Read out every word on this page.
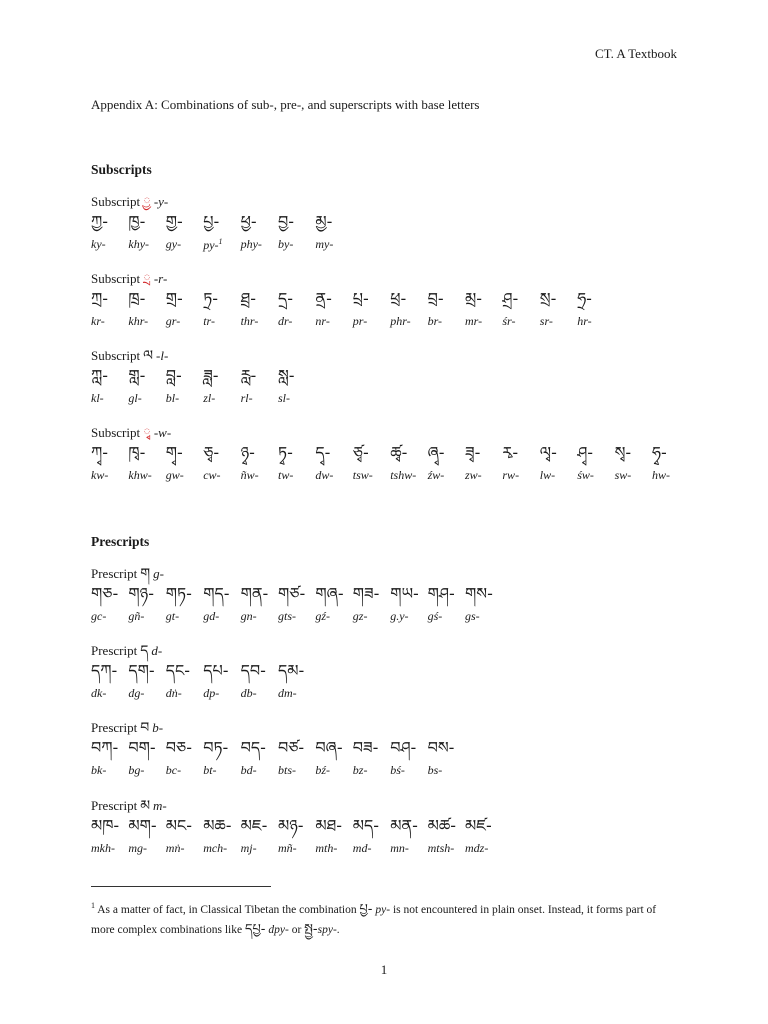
CT. A Textbook
Appendix A: Combinations of sub-, pre-, and superscripts with base letters
Subscripts
Subscript ྱ -y-
ཀྱ-
ky-
ཁྱ-
khy-
གྱ-
gy-
པྱ-
py-$^1$
ཕྱ-
phy-
བྱ-
by-
མྱ-
my-
Subscript ྲ -r-
ཀྲ-
kr-
ཁྲ-
khr-
གྲ-
gr-
ཏྲ-
tr-
ཐྲ-
thr-
དྲ-
dr-
ནྲ-
nr-
པྲ-
pr-
ཕྲ-
phr-
བྲ-
br-
མྲ-
mr-
ཤྲ-
śr-
སྲ-
sr-
ཧྲ-
hr-
Subscript ལ -l-
ཀླ-
kl-
གླ-
gl-
བླ-
bl-
ཟླ-
zl-
རླ-
rl-
སླ-
sl-
Subscript ྭ -w-
ཀྭ-
kw-
ཁྭ-
khw-
གྭ-
gw-
ཅྭ-
cw-
ཉྭ-
ñw-
ཏྭ-
tw-
དྭ-
dw-
ཙྭ-
tsw-
ཚྭ-
tshw-
ཞྭ-
źw-
ཟྭ-
zw-
རྭ-
rw-
ལྭ-
lw-
ཤྭ-
św-
སྭ-
sw-
ཧྭ-
hw-
Prescripts
Prescript ག g-
གཅ-
gc-
གཉ-
gñ-
གཏ-
gt-
གད-
gd-
གན-
gn-
གཙ-
gts-
གཞ-
gź-
གཟ-
gz-
གཡ-
g.y-
གཤ-
gś-
གས-
gs-
Prescript ད d-
དཀ-
dk-
དག-
dg-
དང-
dṅ-
དཔ-
dp-
དབ-
db-
དམ-
dm-
Prescript བ b-
བཀ-
bk-
བག-
bg-
བཅ-
bc-
བཏ-
bt-
བད-
bd-
བཙ-
bts-
བཞ-
bź-
བཟ-
bz-
བཤ-
bś-
བས-
bs-
Prescript མ m-
མཁ-
mkh-
མག-
mg-
མང-
mṅ-
མཆ-
mch-
མཇ-
mj-
མཉ-
mñ-
མཐ-
mth-
མད-
md-
མན-
mn-
མཚ-
mtsh-
མཛ-
mdz-
$^1$ As a matter of fact, in Classical Tibetan the combination པྱ- py- is not encountered in plain onset. Instead, it forms part of more complex combinations like དཔྱ- dpy- or སྤྱ-spy-.
1
